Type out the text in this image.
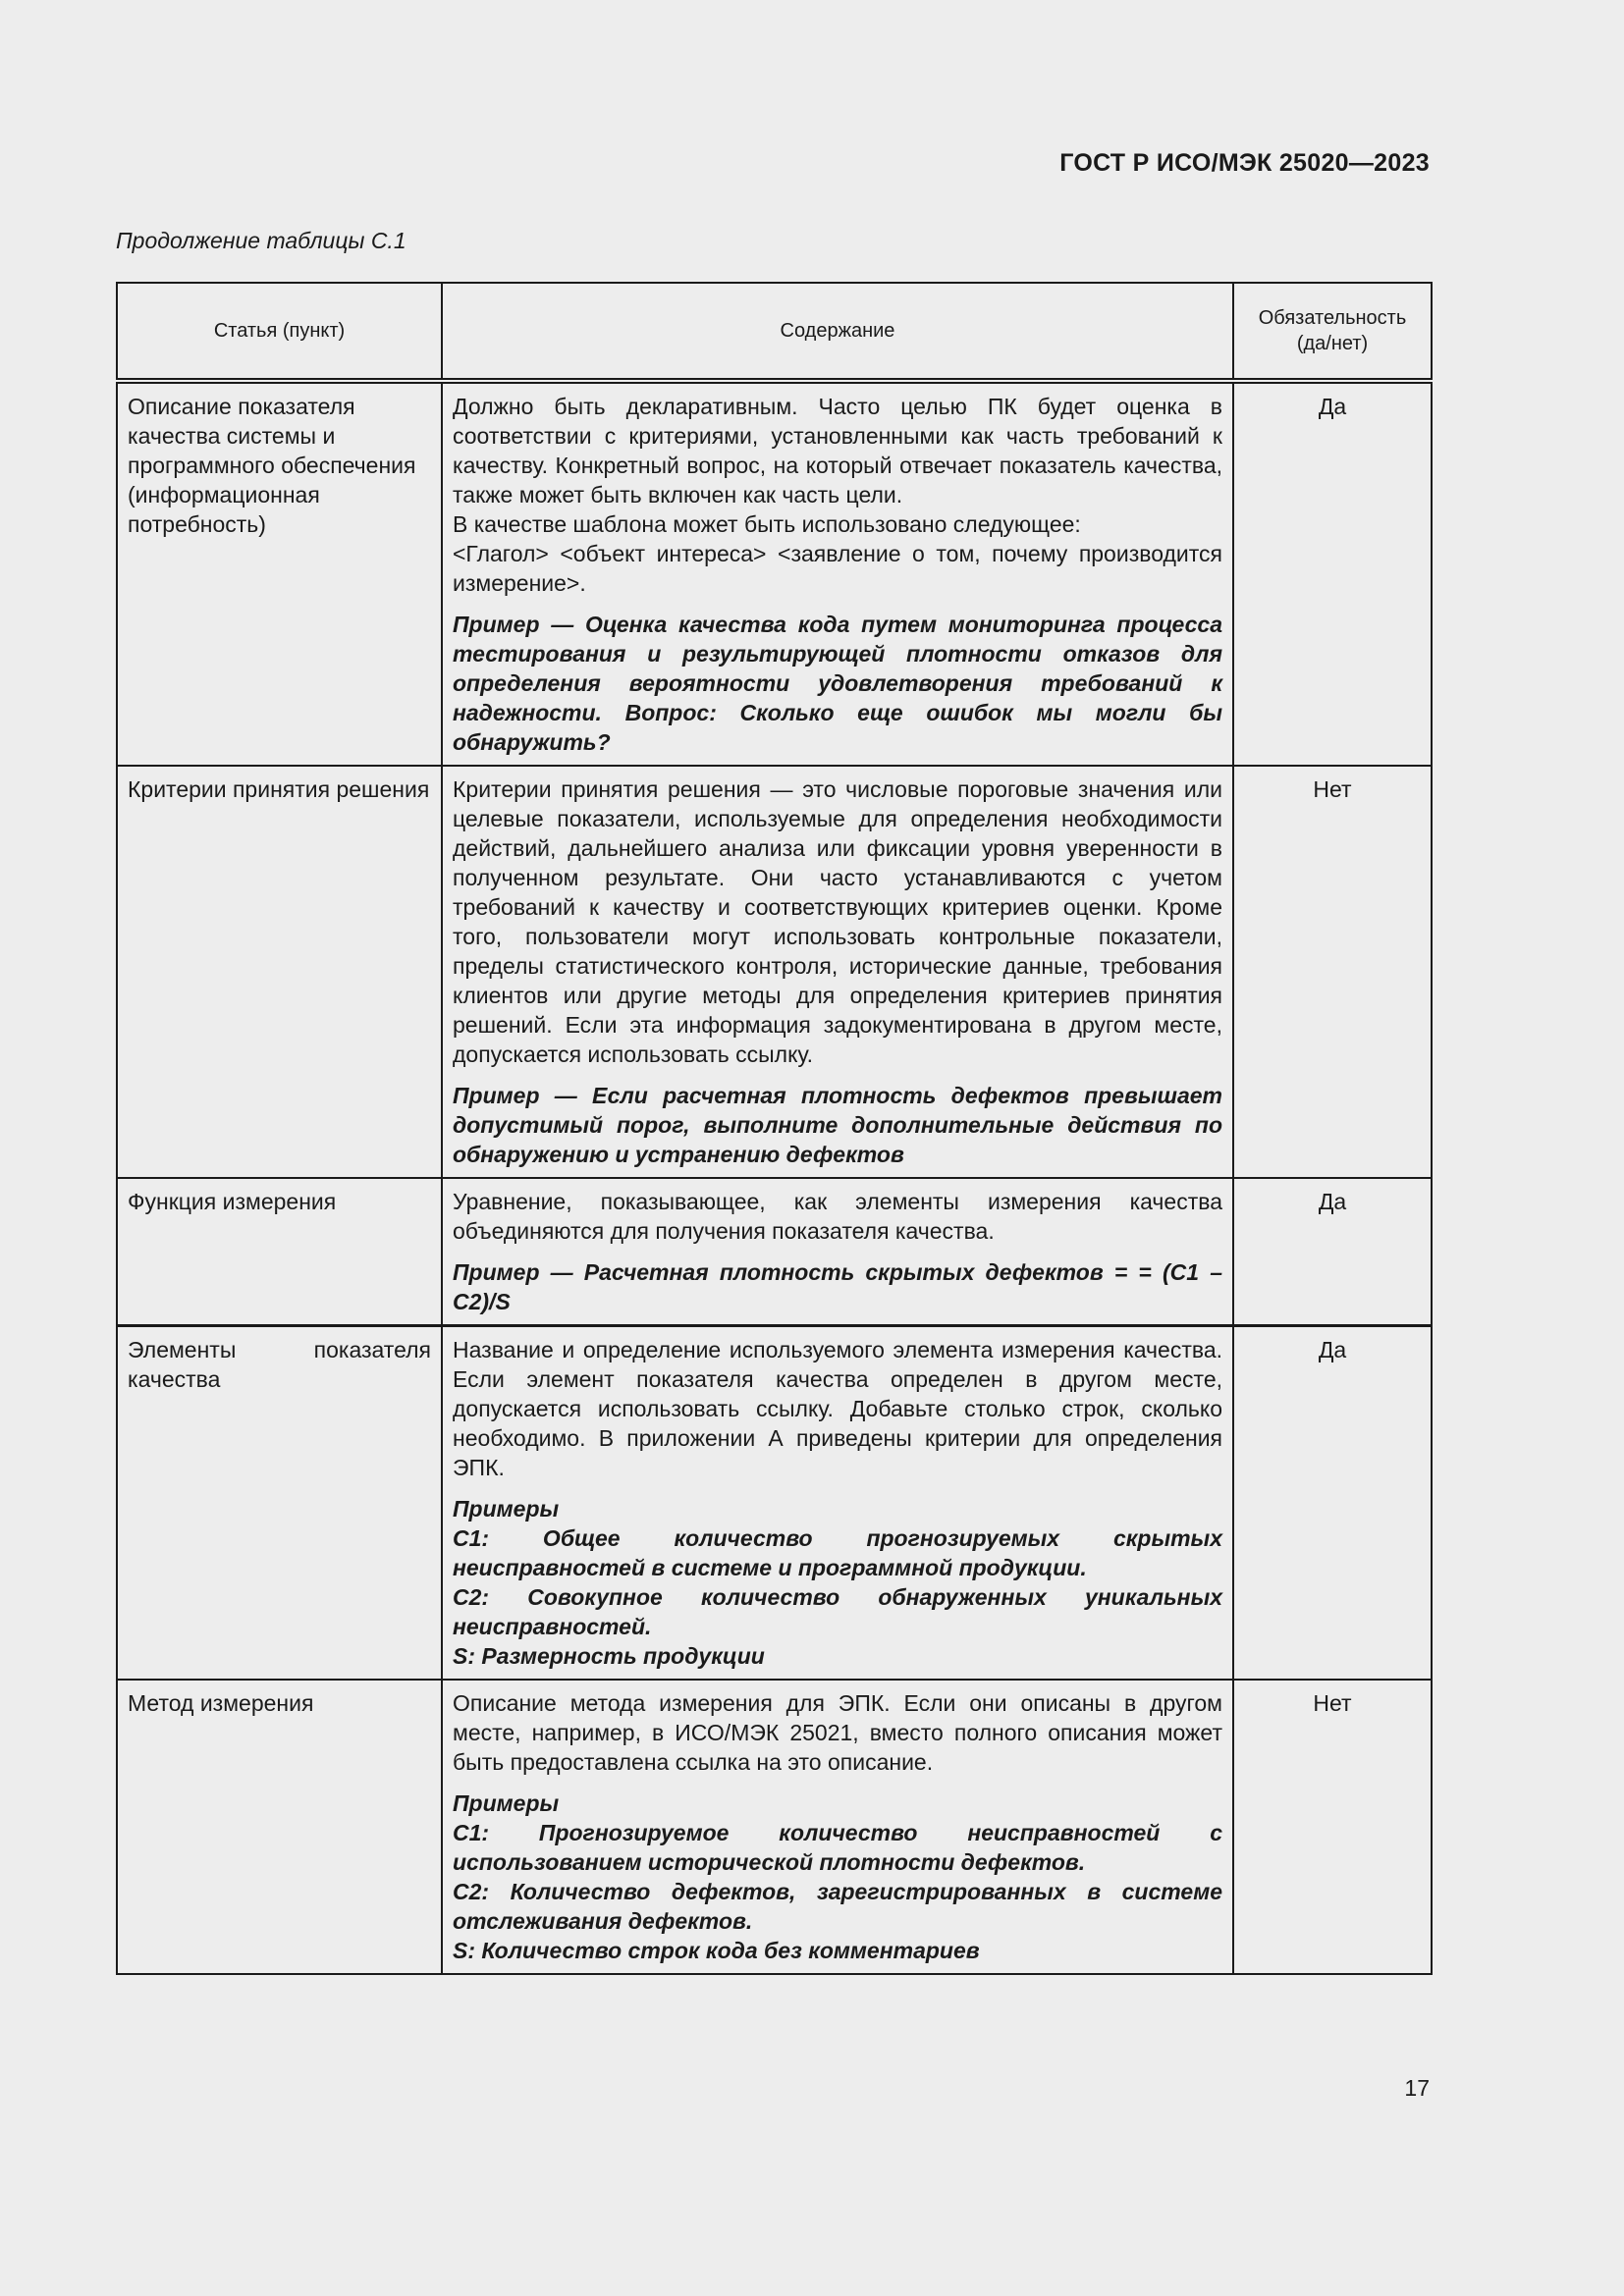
ГОСТ Р ИСО/МЭК 25020—2023
Продолжение таблицы С.1
Статья (пункт)	Содержание	Обязательность (да/нет)
Описание показателя качества системы и программного обеспечения (информационная потребность)	Должно быть декларативным. Часто целью ПК будет оценка в соответствии с критериями, установленными как часть требований к качеству. Конкретный вопрос, на который отвечает показатель качества, также может быть включен как часть цели.

В качестве шаблона может быть использовано следующее:

<Глагол> <объект интереса> <заявление о том, почему производится измерение>.

Пример — Оценка качества кода путем мониторинга процесса тестирования и результирующей плотности отказов для определения вероятности удовлетворения требований к надежности. Вопрос: Сколько еще ошибок мы могли бы обнаружить?	Да
Критерии принятия решения	Критерии принятия решения — это числовые пороговые значения или целевые показатели, используемые для определения необходимости действий, дальнейшего анализа или фиксации уровня уверенности в полученном результате. Они часто устанавливаются с учетом требований к качеству и соответствующих критериев оценки. Кроме того, пользователи могут использовать контрольные показатели, пределы статистического контроля, исторические данные, требования клиентов или другие методы для определения критериев принятия решений. Если эта информация задокументирована в другом месте, допускается использовать ссылку.

Пример — Если расчетная плотность дефектов превышает допустимый порог, выполните дополнительные действия по обнаружению и устранению дефектов	Нет
Функция измерения	Уравнение, показывающее, как элементы измерения качества объединяются для получения показателя качества.

Пример — Расчетная плотность скрытых дефектов = = (С1 – С2)/S	Да
Элементы показателя качества	Название и определение используемого элемента измерения качества. Если элемент показателя качества определен в другом месте, допускается использовать ссылку. Добавьте столько строк, сколько необходимо. В приложении А приведены критерии для определения ЭПК.

Примеры
С1: Общее количество прогнозируемых скрытых неисправностей в системе и программной продукции.
С2: Совокупное количество обнаруженных уникальных неисправностей.
S: Размерность продукции	Да
Метод измерения	Описание метода измерения для ЭПК. Если они описаны в другом месте, например, в ИСО/МЭК 25021, вместо полного описания может быть предоставлена ссылка на это описание.

Примеры
С1: Прогнозируемое количество неисправностей с использованием исторической плотности дефектов.
С2: Количество дефектов, зарегистрированных в системе отслеживания дефектов.
S: Количество строк кода без комментариев	Нет
17
